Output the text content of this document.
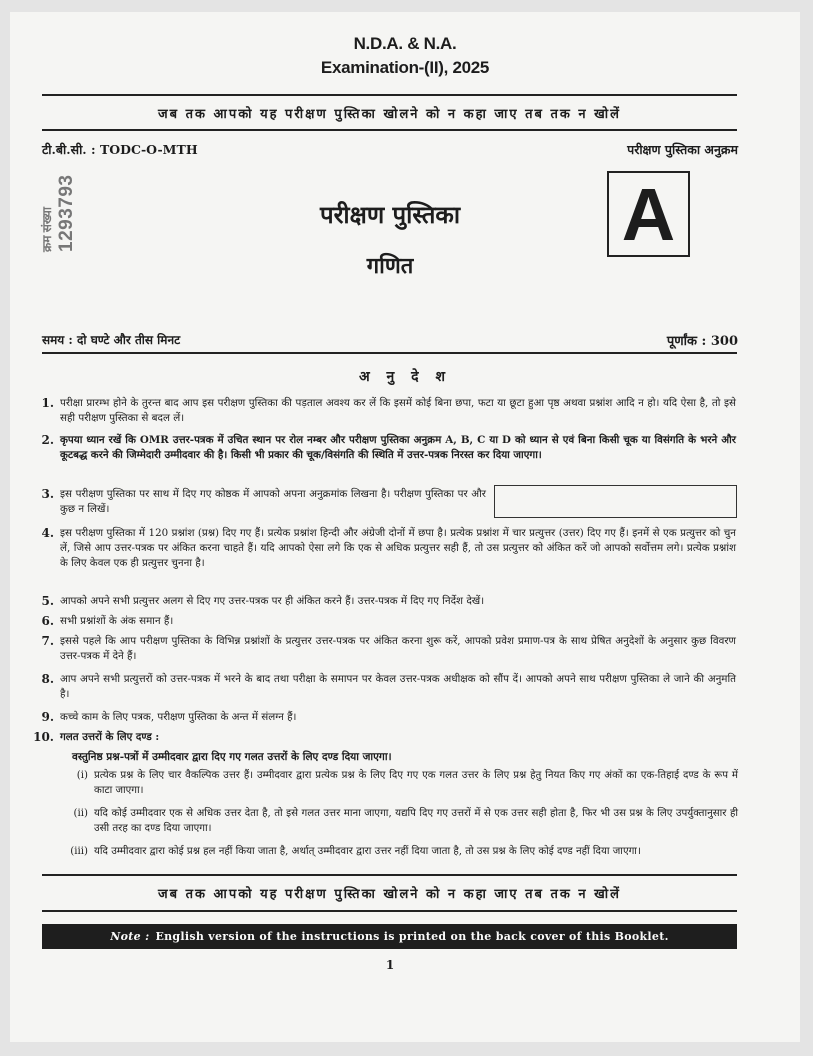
N.D.A. & N.A.
Examination-(II), 2025
जब तक आपको यह परीक्षण पुस्तिका खोलने को न कहा जाए तब तक न खोलें
टी.बी.सी. : TODC-O-MTH	परीक्षण पुस्तिका अनुक्रम
क्रम संख्या 1293793	परीक्षण पुस्तिका
गणित
A
समय : दो घण्टे और तीस मिनट	पूर्णांक : 300
अ नु दे श
1. परीक्षा प्रारम्भ होने के तुरन्त बाद आप इस परीक्षण पुस्तिका की पड़ताल अवश्य कर लें कि इसमें कोई बिना छपा, फटा या छूटा हुआ पृष्ठ अथवा प्रश्नांश आदि न हो। यदि ऐसा है, तो इसे सही परीक्षण पुस्तिका से बदल लें।
2. कृपया ध्यान रखें कि OMR उत्तर-पत्रक में उचित स्थान पर रोल नम्बर और परीक्षण पुस्तिका अनुक्रम A, B, C या D को ध्यान से एवं बिना किसी चूक या विसंगति के भरने और कूटबद्ध करने की जिम्मेदारी उम्मीदवार की है। किसी भी प्रकार की चूक/विसंगति की स्थिति में उत्तर-पत्रक निरस्त कर दिया जाएगा।
3. इस परीक्षण पुस्तिका पर साथ में दिए गए कोष्ठक में आपको अपना अनुक्रमांक लिखना है। परीक्षण पुस्तिका पर और कुछ न लिखें।
4. इस परीक्षण पुस्तिका में 120 प्रश्नांश (प्रश्न) दिए गए हैं। प्रत्येक प्रश्नांश हिन्दी और अंग्रेजी दोनों में छपा है। प्रत्येक प्रश्नांश में चार प्रत्युत्तर (उत्तर) दिए गए हैं। इनमें से एक प्रत्युत्तर को चुन लें, जिसे आप उत्तर-पत्रक पर अंकित करना चाहते हैं। यदि आपको ऐसा लगे कि एक से अधिक प्रत्युत्तर सही हैं, तो उस प्रत्युत्तर को अंकित करें जो आपको सर्वोत्तम लगे। प्रत्येक प्रश्नांश के लिए केवल एक ही प्रत्युत्तर चुनना है।
5. आपको अपने सभी प्रत्युत्तर अलग से दिए गए उत्तर-पत्रक पर ही अंकित करने हैं। उत्तर-पत्रक में दिए गए निर्देश देखें।
6. सभी प्रश्नांशों के अंक समान हैं।
7. इससे पहले कि आप परीक्षण पुस्तिका के विभिन्न प्रश्नांशों के प्रत्युत्तर उत्तर-पत्रक पर अंकित करना शुरू करें, आपको प्रवेश प्रमाण-पत्र के साथ प्रेषित अनुदेशों के अनुसार कुछ विवरण उत्तर-पत्रक में देने हैं।
8. आप अपने सभी प्रत्युत्तरों को उत्तर-पत्रक में भरने के बाद तथा परीक्षा के समापन पर केवल उत्तर-पत्रक अधीक्षक को सौंप दें। आपको अपने साथ परीक्षण पुस्तिका ले जाने की अनुमति है।
9. कच्चे काम के लिए पत्रक, परीक्षण पुस्तिका के अन्त में संलग्न हैं।
10. गलत उत्तरों के लिए दण्ड :
वस्तुनिष्ठ प्रश्न-पत्रों में उम्मीदवार द्वारा दिए गए गलत उत्तरों के लिए दण्ड दिया जाएगा।
(i) प्रत्येक प्रश्न के लिए चार वैकल्पिक उत्तर हैं। उम्मीदवार द्वारा प्रत्येक प्रश्न के लिए दिए गए एक गलत उत्तर के लिए प्रश्न हेतु नियत किए गए अंकों का एक-तिहाई दण्ड के रूप में काटा जाएगा।
(ii) यदि कोई उम्मीदवार एक से अधिक उत्तर देता है, तो इसे गलत उत्तर माना जाएगा, यद्यपि दिए गए उत्तरों में से एक उत्तर सही होता है, फिर भी उस प्रश्न के लिए उपर्युक्तानुसार ही उसी तरह का दण्ड दिया जाएगा।
(iii) यदि उम्मीदवार द्वारा कोई प्रश्न हल नहीं किया जाता है, अर्थात् उम्मीदवार द्वारा उत्तर नहीं दिया जाता है, तो उस प्रश्न के लिए कोई दण्ड नहीं दिया जाएगा।
जब तक आपको यह परीक्षण पुस्तिका खोलने को न कहा जाए तब तक न खोलें
Note : English version of the instructions is printed on the back cover of this Booklet.
1
